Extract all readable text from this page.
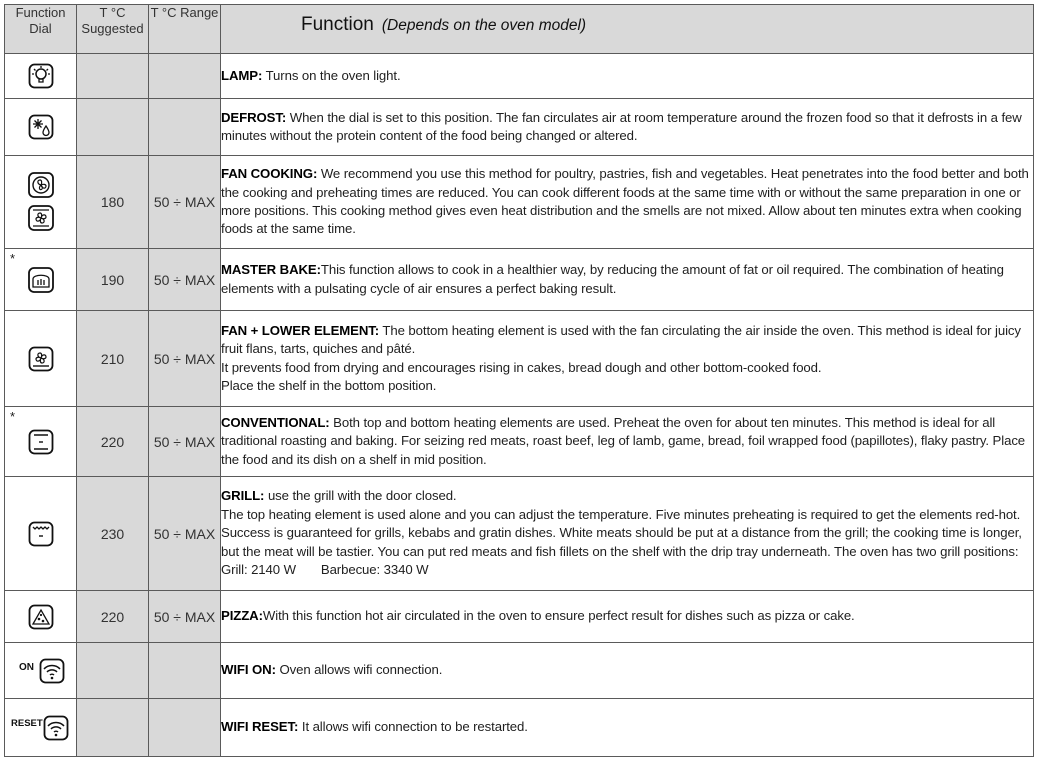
Function Dial	T °C Suggested	T °C Range	Function (Depends on the oven model)
			LAMP: Turns on the oven light.
			DEFROST: When the dial is set to this position. The fan circulates air at room temperature around the frozen food so that it defrosts in a few minutes without the protein content of the food being changed or altered.
	180	50 ÷ MAX	FAN COOKING: We recommend you use this method for poultry, pastries, fish and vegetables. Heat penetrates into the food better and both the cooking and preheating times are reduced. You can cook different foods at the same time with or without the same preparation in one or more positions. This cooking method gives even heat distribution and the smells are not mixed. Allow about ten minutes extra when cooking foods at the same time.

*	190	50 ÷ MAX	MASTER BAKE:This function allows to cook in a healthier way, by reducing the amount of fat or oil required. The combination of heating elements with a pulsating cycle of air ensures a perfect baking result.
	210	50 ÷ MAX	FAN + LOWER ELEMENT: The bottom heating element is used with the fan circulating the air inside the oven. This method is ideal for juicy fruit flans, tarts, quiches and pâté.
It prevents food from drying and encourages rising in cakes, bread dough and other bottom-cooked food.
Place the shelf in the bottom position.

*	220	50 ÷ MAX	CONVENTIONAL: Both top and bottom heating elements are used. Preheat the oven for about ten minutes. This method is ideal for all traditional roasting and baking. For seizing red meats, roast beef, leg of lamb, game, bread, foil wrapped food (papillotes), flaky pastry. Place the food and its dish on a shelf in mid position.
	230	50 ÷ MAX	GRILL: use the grill with the door closed.
The top heating element is used alone and you can adjust the temperature. Five minutes preheating is required to get the elements red-hot. Success is guaranteed for grills, kebabs and gratin dishes. White meats should be put at a distance from the grill; the cooking time is longer, but the meat will be tastier. You can put red meats and fish fillets on the shelf with the drip tray underneath. The oven has two grill positions:   Grill: 2140 W Barbecue: 3340 W

	220	50 ÷ MAX	PIZZA:With this function hot air circulated in the oven to ensure perfect result for dishes such as pizza or cake.

ON			WIFI ON: Oven allows wifi connection.

RESET			WIFI RESET: It allows wifi connection to be restarted.
